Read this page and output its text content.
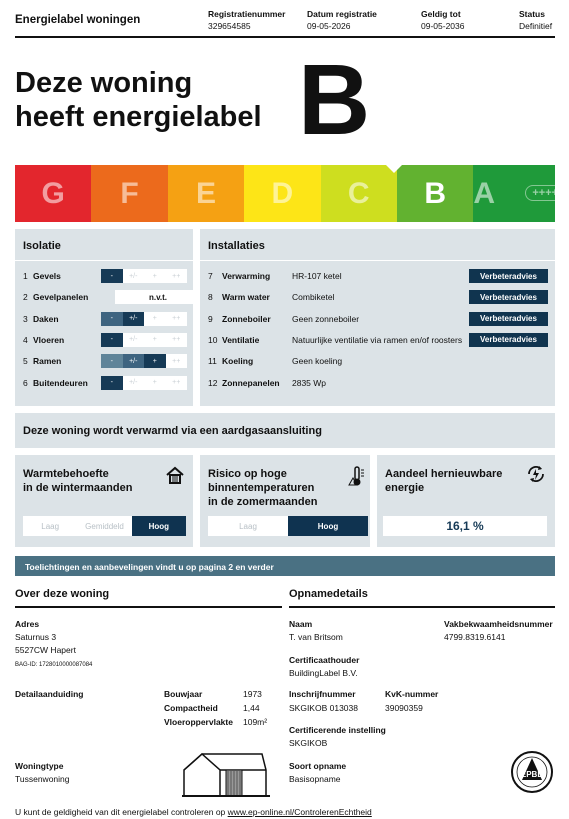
Energielabel woningen	Registratienummer
329654585
Datum registratie
09-05-2026
Geldig tot
09-05-2036
Status
Definitief
Deze woning
heeft energielabel B
G F E D C B A	++++
Isolatie
1 Gevels	-	+/-	+	++
2 Gevelpanelen	n.v.t.
3 Daken	-	+/-	+	++
4 Vloeren	-	+/-	+	++
5 Ramen	-	+/-	+	++
6 Buitendeuren	-	+/-	+	++
Installaties
7	Verwarming	HR-107 ketel	Verbeteradvies
8	Warm water	Combiketel	Verbeteradvies
9	Zonneboiler	Geen zonneboiler	Verbeteradvies
10 Ventilatie	Natuurlijke ventilatie via ramen en/of roosters	Verbeteradvies
11 Koeling	Geen koeling
12 Zonnepanelen	2835 Wp
Deze woning wordt verwarmd via een aardgasaansluiting
Warmtebehoefte
in de wintermaanden
Laag	Gemiddeld	Hoog
Risico op hoge
binnentemperaturen
in de zomermaanden
Laag	Hoog
Aandeel hernieuwbare
energie
16,1 %
Toelichtingen en aanbevelingen vindt u op pagina 2 en verder
Over deze woning
Adres
Saturnus 3
5527CW Hapert
BAG-ID: 1728010000087084
Detailaanduiding	Bouwjaar	1973
Compactheid	1,44
Vloeroppervlakte 109m²
Woningtype
Tussenwoning
Opnamedetails
Naam
T. van Britsom
Vakbekwaamheidsnummer
4799.8319.6141
Certificaathouder
BuildingLabel B.V.
Inschrijfnummer
SKGIKOB 013038
KvK-nummer
39090359
Certificerende instelling
SKGIKOB
Soort opname
Basisopname	EPBD
U kunt de geldigheid van dit energielabel controleren op www.ep-online.nl/ControlerenEchtheid
